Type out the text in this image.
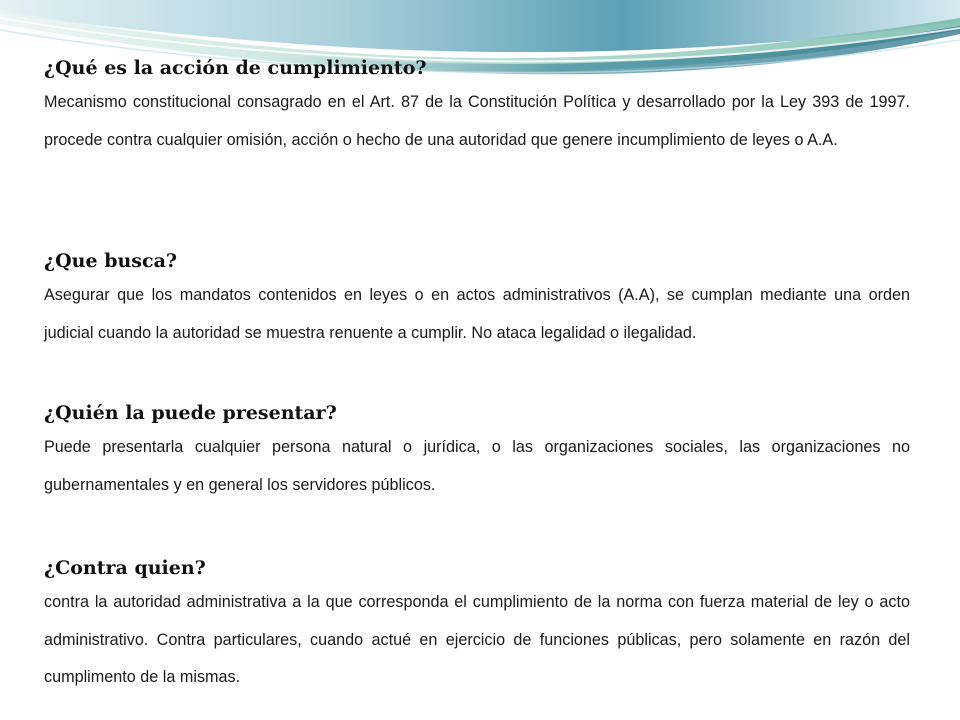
¿Qué es la acción de cumplimiento?

Mecanismo constitucional consagrado en el Art. 87 de la Constitución Política y desarrollado por la Ley 393 de 1997. procede contra cualquier omisión, acción o hecho de una autoridad que genere incumplimiento de leyes o A.A.

¿Que busca?

Asegurar que los mandatos contenidos en leyes o en actos administrativos (A.A), se cumplan mediante una orden judicial cuando la autoridad se muestra renuente a cumplir. No ataca legalidad o ilegalidad.

¿Quién la puede presentar?

Puede presentarla cualquier persona natural o jurídica, o las organizaciones sociales, las organizaciones no gubernamentales y en general los servidores públicos.

¿Contra quien?

contra la autoridad administrativa a la que corresponda el cumplimiento de la norma con fuerza material de ley o acto administrativo. Contra particulares, cuando actué en ejercicio de funciones públicas, pero solamente en razón del cumplimento de la mismas.
